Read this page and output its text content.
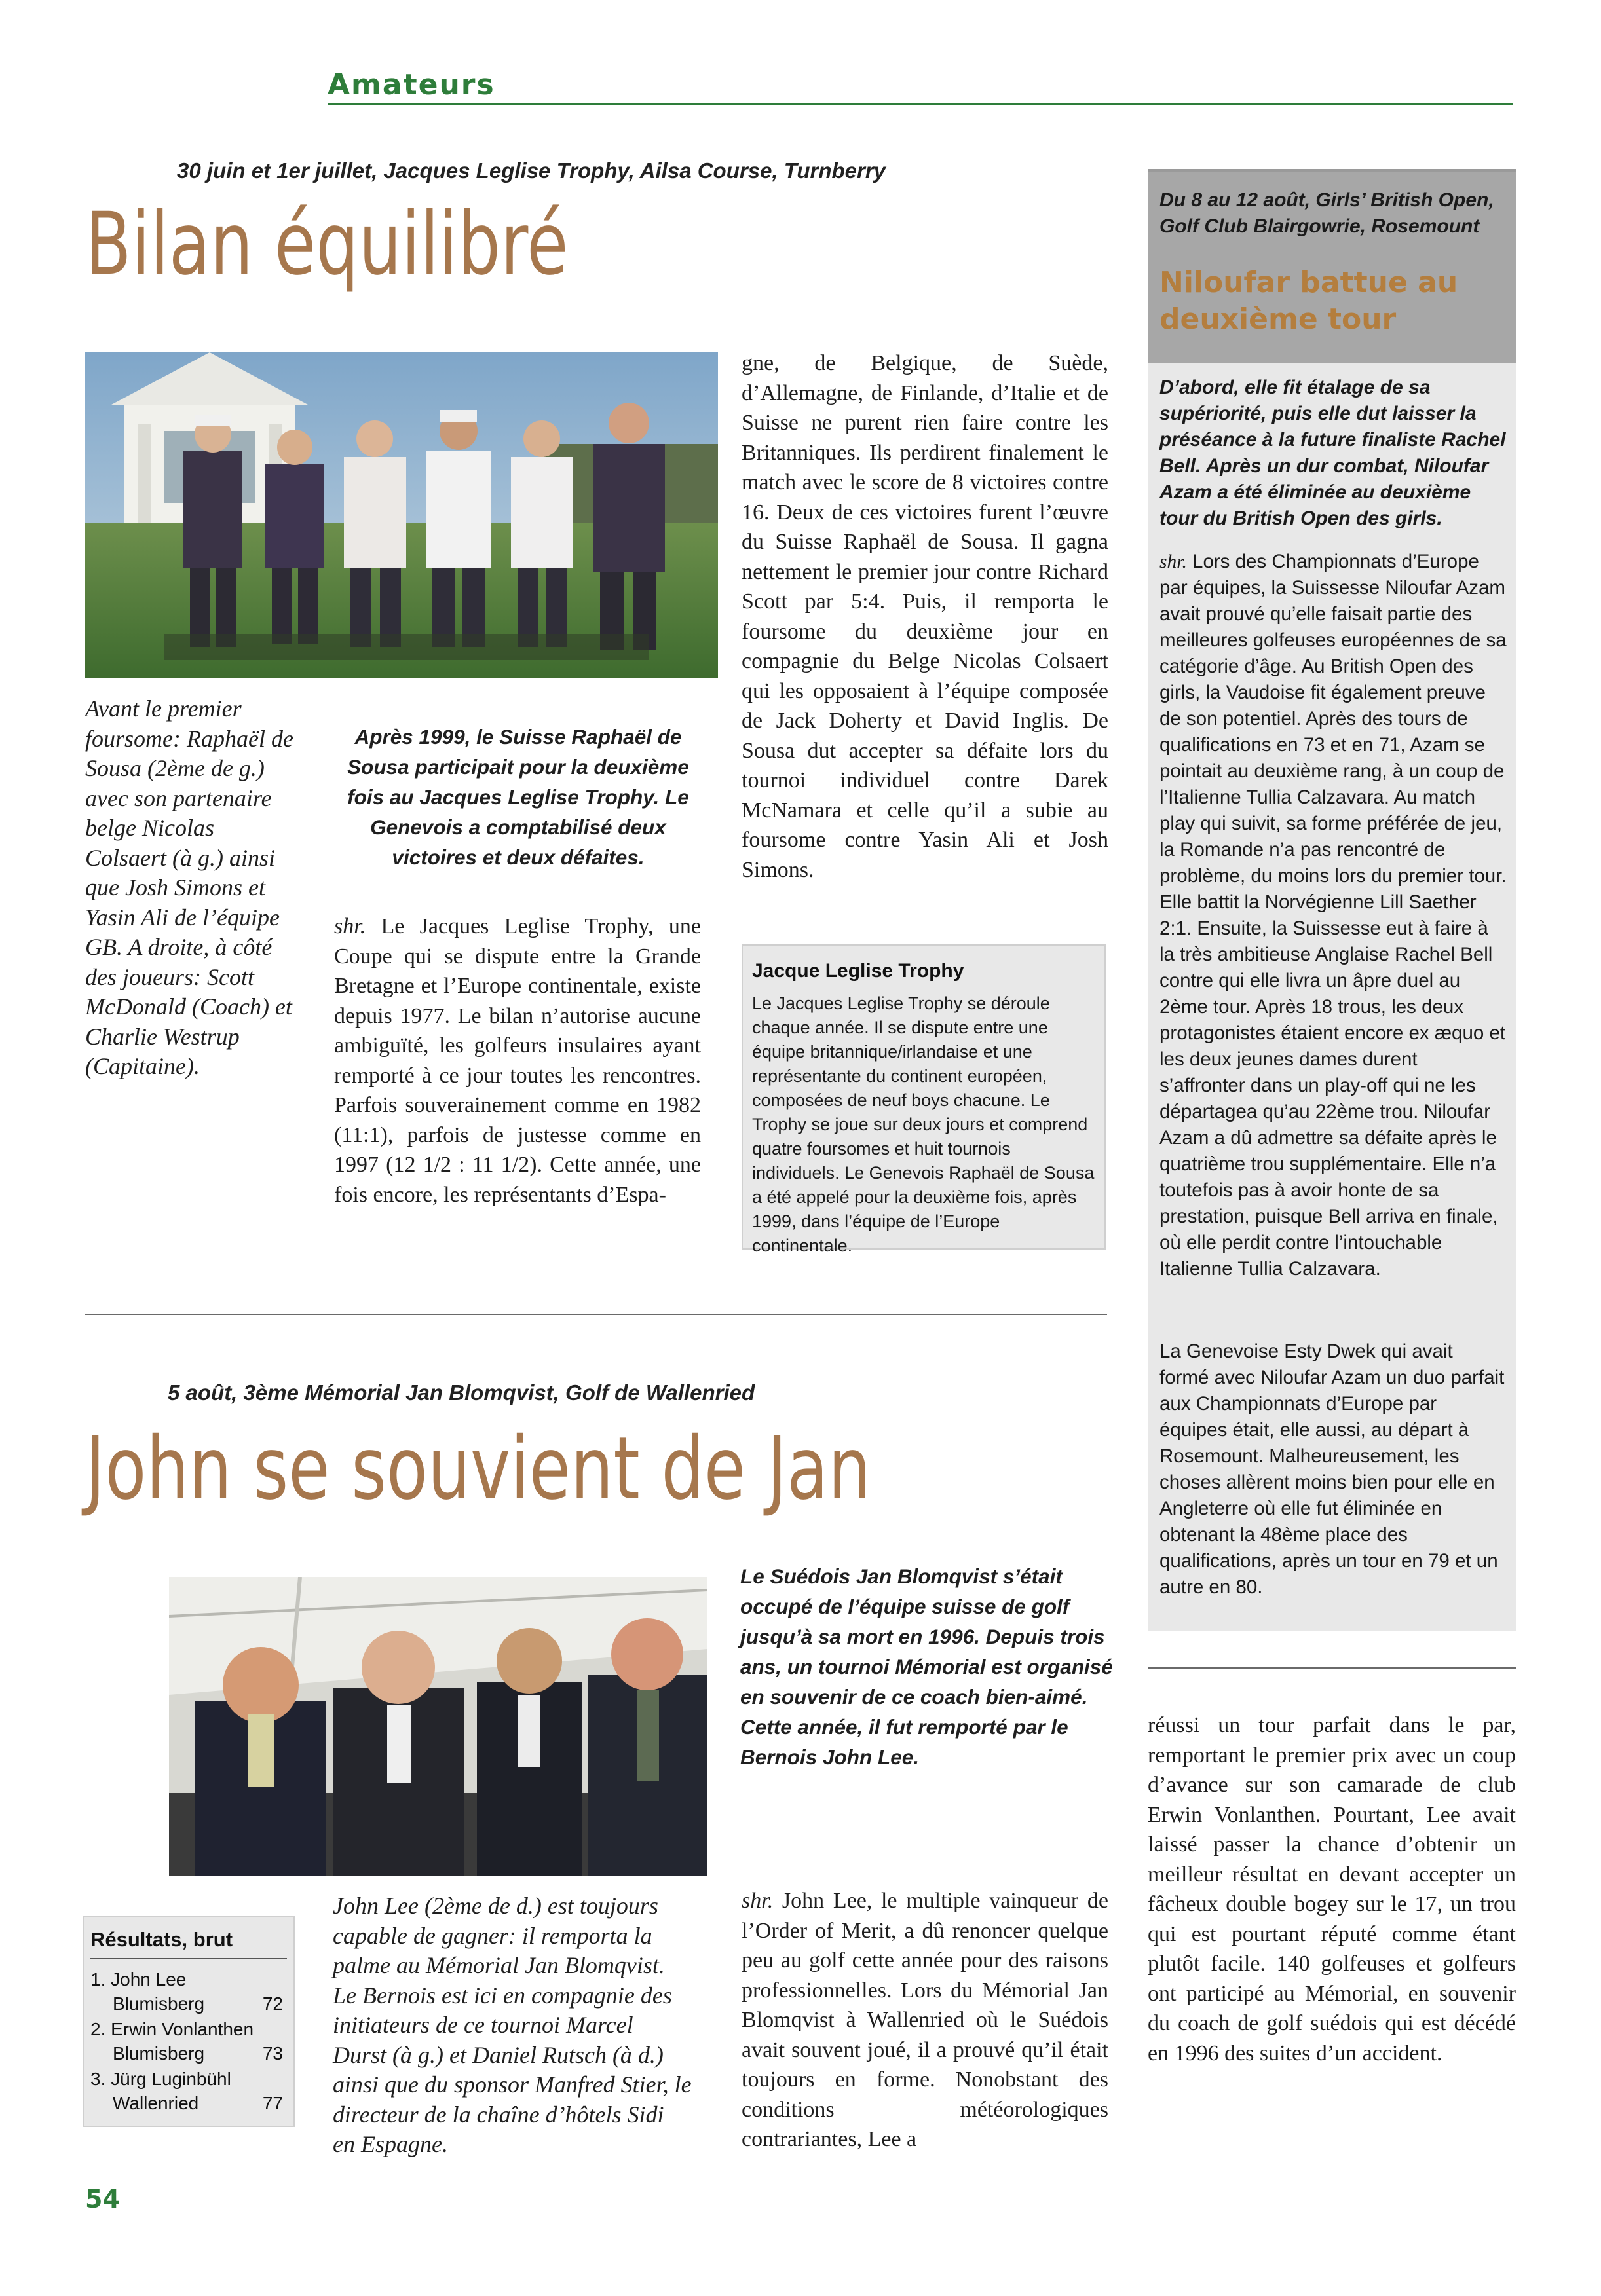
Amateurs
30 juin et 1er juillet, Jacques Leglise Trophy, Ailsa Course, Turnberry
Bilan équilibré
Avant le premier foursome: Raphaël de Sousa (2ème de g.) avec son partenaire belge Nicolas Colsaert (à g.) ainsi que Josh Simons et Yasin Ali de l’équipe GB. A droite, à côté des joueurs: Scott McDonald (Coach) et Charlie Westrup (Capitaine).
Après 1999, le Suisse Raphaël de Sousa participait pour la deuxième fois au Jacques Leglise Trophy. Le Genevois a comptabilisé deux victoires et deux défaites.

shr. Le Jacques Leglise Trophy, une Coupe qui se dispute entre la Grande Bretagne et l’Europe continentale, existe depuis 1977. Le bilan n’autorise aucune ambiguïté, les golfeurs insulaires ayant remporté à ce jour toutes les rencontres. Parfois souverainement comme en 1982 (11:1), parfois de justesse comme en 1997 (12 1/2 : 11 1/2). Cette année, une fois encore, les représentants d’Espa-

gne, de Belgique, de Suède, d’Allemagne, de Finlande, d’Italie et de Suisse ne purent rien faire contre les Britanniques. Ils perdirent finalement le match avec le score de 8 victoires contre 16. Deux de ces victoires furent l’œuvre du Suisse Raphaël de Sousa. Il gagna nettement le premier jour contre Richard Scott par 5:4. Puis, il remporta le foursome du deuxième jour en compagnie du Belge Nicolas Colsaert qui les opposaient à l’équipe composée de Jack Doherty et David Inglis. De Sousa dut accepter sa défaite lors du tournoi individuel contre Darek McNamara et celle qu’il a subie au foursome contre Yasin Ali et Josh Simons.
Jacque Leglise Trophy
Le Jacques Leglise Trophy se déroule chaque année. Il se dispute entre une équipe britannique/irlandaise et une représentante du continent européen, composées de neuf boys chacune. Le Trophy se joue sur deux jours et comprend quatre foursomes et huit tournois individuels. Le Genevois Raphaël de Sousa a été appelé pour la deuxième fois, après 1999, dans l’équipe de l’Europe continentale.
Du 8 au 12 août, Girls’ British Open, Golf Club Blairgowrie, Rosemount
Niloufar battue au deuxième tour
D’abord, elle fit étalage de sa supériorité, puis elle dut laisser la préséance à la future finaliste Rachel Bell. Après un dur combat, Niloufar Azam a été éliminée au deuxième tour du British Open des girls.
shr. Lors des Championnats d’Europe par équipes, la Suissesse Niloufar Azam avait prouvé qu’elle faisait partie des meilleures golfeuses européennes de sa catégorie d’âge. Au British Open des girls, la Vaudoise fit également preuve de son potentiel. Après des tours de qualifications en 73 et en 71, Azam se pointait au deuxième rang, à un coup de l’Italienne Tullia Calzavara. Au match play qui suivit, sa forme préférée de jeu, la Romande n’a pas rencontré de problème, du moins lors du premier tour. Elle battit la Norvégienne Lill Saether 2:1. Ensuite, la Suissesse eut à faire à la très ambitieuse Anglaise Rachel Bell contre qui elle livra un âpre duel au 2ème tour. Après 18 trous, les deux protagonistes étaient encore ex æquo et les deux jeunes dames durent s’affronter dans un play-off qui ne les départagea qu’au 22ème trou. Niloufar Azam a dû admettre sa défaite après le quatrième trou supplémentaire. Elle n’a toutefois pas à avoir honte de sa prestation, puisque Bell arriva en finale, où elle perdit contre l’intouchable Italienne Tullia Calzavara.
La Genevoise Esty Dwek qui avait formé avec Niloufar Azam un duo parfait aux Championnats d’Europe par équipes était, elle aussi, au départ à Rosemount. Malheureusement, les choses allèrent moins bien pour elle en Angleterre où elle fut éliminée en obtenant la 48ème place des qualifications, après un tour en 79 et un autre en 80.
5 août, 3ème Mémorial Jan Blomqvist, Golf de Wallenried
John se souvient de Jan
Le Suédois Jan Blomqvist s’était occupé de l’équipe suisse de golf jusqu’à sa mort en 1996. Depuis trois ans, un tournoi Mémorial est organisé en souvenir de ce coach bien-aimé. Cette année, il fut remporté par le Bernois John Lee.
John Lee (2ème de d.) est toujours capable de gagner: il remporta la palme au Mémorial Jan Blomqvist. Le Bernois est ici en compagnie des initiateurs de ce tournoi Marcel Durst (à g.) et Daniel Rutsch (à d.) ainsi que du sponsor Manfred Stier, le directeur de la chaîne d’hôtels Sidi en Espagne.

shr. John Lee, le multiple vainqueur de l’Order of Merit, a dû renoncer quelque peu au golf cette année pour des raisons professionnelles. Lors du Mémorial Jan Blomqvist à Wallenried où le Suédois avait souvent joué, il a prouvé qu’il était toujours en forme. Nonobstant des conditions météorologiques contrariantes, Lee a

réussi un tour parfait dans le par, remportant le premier prix avec un coup d’avance sur son camarade de club Erwin Vonlanthen. Pourtant, Lee avait laissé passer la chance d’obtenir un meilleur résultat en devant accepter un fâcheux double bogey sur le 17, un trou qui est pourtant réputé comme étant plutôt facile. 140 golfeuses et golfeurs ont participé au Mémorial, en souvenir du coach de golf suédois qui est décédé en 1996 des suites d’un accident.
Résultats, brut
1. John Lee
Blumisberg	72
2. Erwin Vonlanthen
Blumisberg	73
3. Jürg Luginbühl
Wallenried	77
54
